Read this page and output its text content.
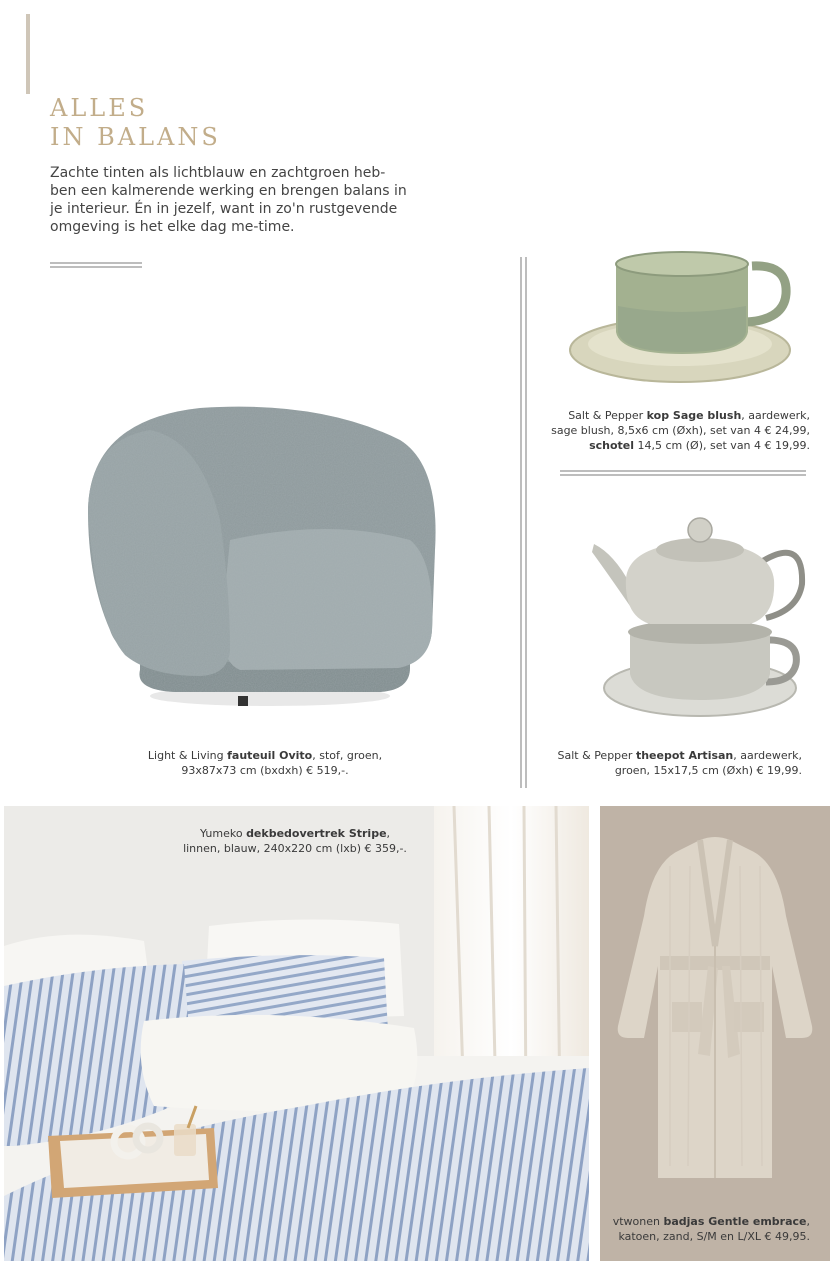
ALLES
IN BALANS

Zachte tinten als lichtblauw en zachtgroen heb-ben een kalmerende werking en brengen balans in je interieur. Én in jezelf, want in zo'n rustgevende omgeving is het elke dag me-time.

Light & Living fauteuil Ovito, stof, groen,
93x87x73 cm (bxdxh) € 519,-.

Salt & Pepper kop Sage blush, aardewerk,
sage blush, 8,5x6 cm (Øxh), set van 4 € 24,99,
schotel 14,5 cm (Ø), set van 4 € 19,99.

Salt & Pepper theepot Artisan, aardewerk,
groen, 15x17,5 cm (Øxh) € 19,99.

Yumeko dekbedovertrek Stripe,
linnen, blauw, 240x220 cm (lxb) € 359,-.

vtwonen badjas Gentle embrace,
katoen, zand, S/M en L/XL € 49,95.
